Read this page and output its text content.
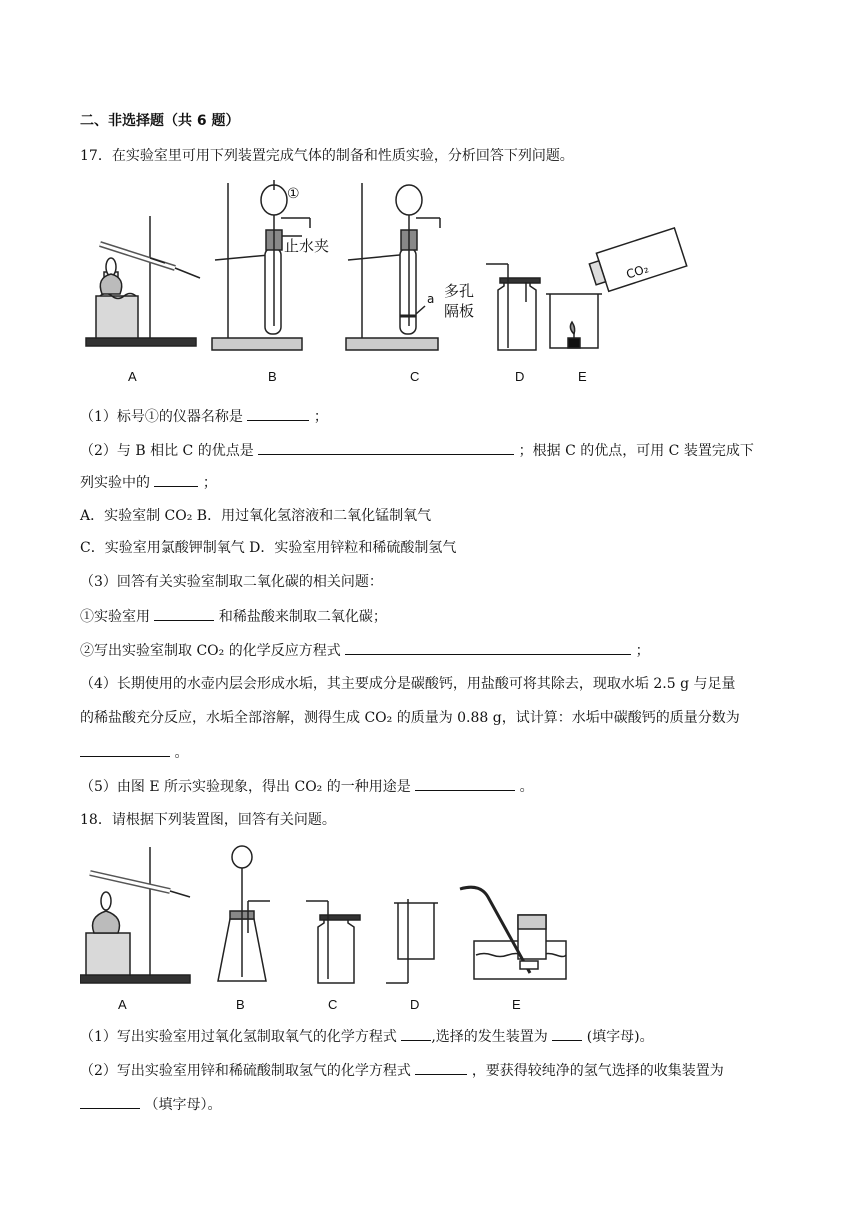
二、非选择题（共 6 题）
17．在实验室里可用下列装置完成气体的制备和性质实验，分析回答下列问题。
①
止水夹
a 多孔
隔板
CO₂
A	B	C	D	E
（1）标号①的仪器名称是	；
（2）与 B 相比 C 的优点是	；根据 C 的优点，可用 C 装置完成下
列实验中的	；
A．实验室制 CO₂ B．用过氧化氢溶液和二氧化锰制氧气
C．实验室用氯酸钾制氧气 D．实验室用锌粒和稀硫酸制氢气
（3）回答有关实验室制取二氧化碳的相关问题：
①实验室用	和稀盐酸来制取二氧化碳；
②写出实验室制取 CO₂ 的化学反应方程式	；
（4）长期使用的水壶内层会形成水垢，其主要成分是碳酸钙，用盐酸可将其除去，现取水垢 2.5 g 与足量
的稀盐酸充分反应，水垢全部溶解，测得生成 CO₂ 的质量为 0.88 g，试计算：水垢中碳酸钙的质量分数为
。
（5）由图 E 所示实验现象，得出 CO₂ 的一种用途是	。
18．请根据下列装置图，回答有关问题。
A	B	C	D	E
（1）写出实验室用过氧化氢制取氧气的化学方程式 ,选择的发生装置为	(填字母)。
（2）写出实验室用锌和稀硫酸制取氢气的化学方程式	，要获得较纯净的氢气选择的收集装置为
（填字母）。
